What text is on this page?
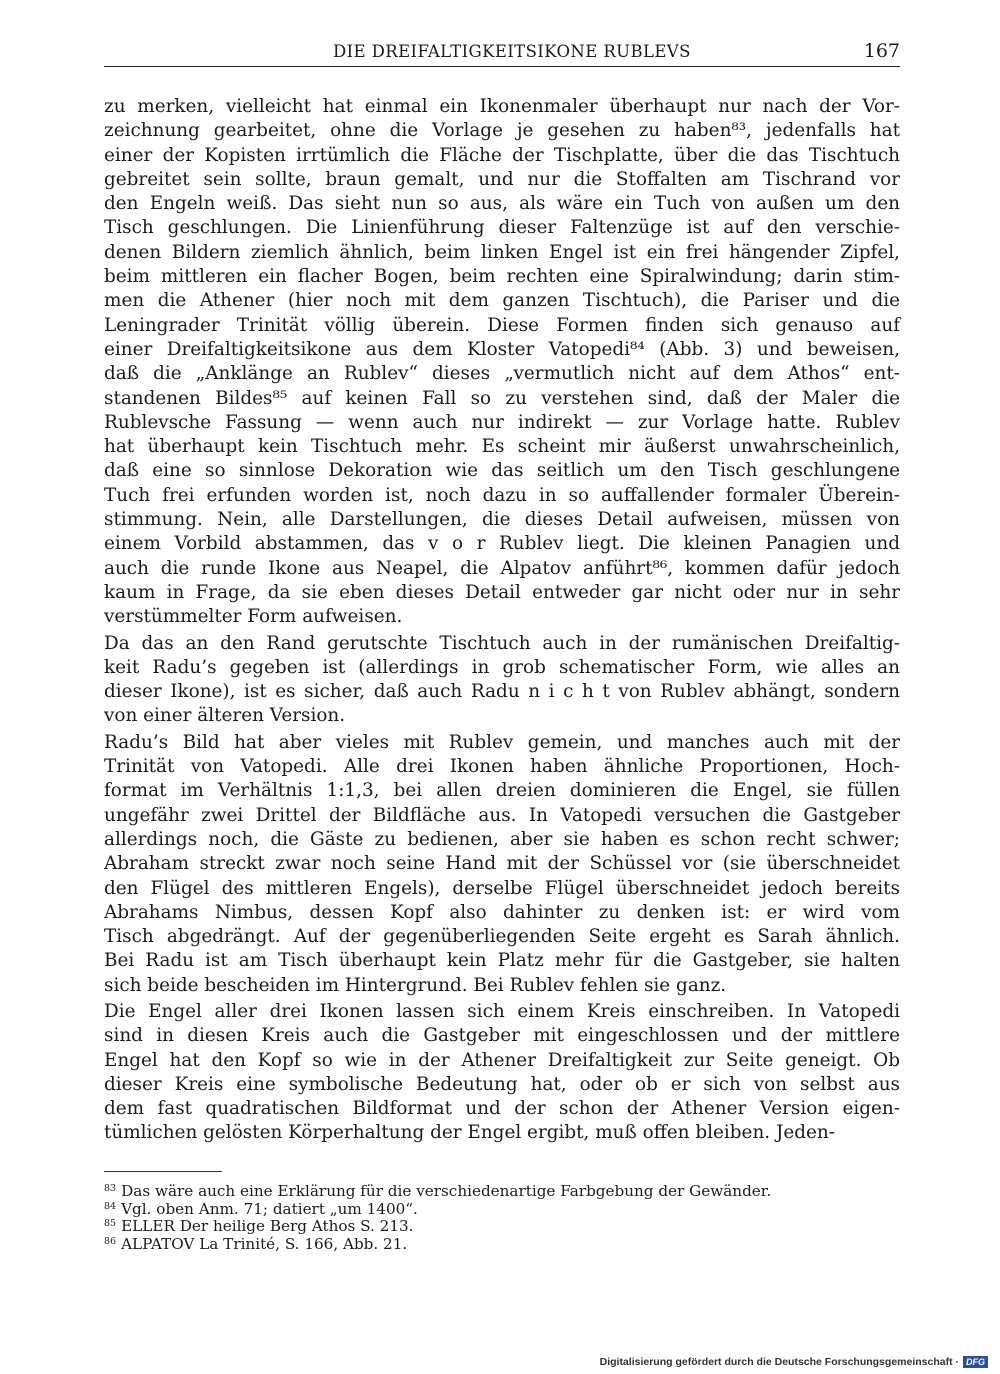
DIE DREIFALTIGKEITSIKONE RUBLEVS	167
zu merken, vielleicht hat einmal ein Ikonenmaler überhaupt nur nach der Vor-
zeichnung gearbeitet, ohne die Vorlage je gesehen zu haben⁸³, jedenfalls hat
einer der Kopisten irrtümlich die Fläche der Tischplatte, über die das Tischtuch
gebreitet sein sollte, braun gemalt, und nur die Stoffalten am Tischrand vor
den Engeln weiß. Das sieht nun so aus, als wäre ein Tuch von außen um den
Tisch geschlungen. Die Linienführung dieser Faltenzüge ist auf den verschie-
denen Bildern ziemlich ähnlich, beim linken Engel ist ein frei hängender Zipfel,
beim mittleren ein flacher Bogen, beim rechten eine Spiralwindung; darin stim-
men die Athener (hier noch mit dem ganzen Tischtuch), die Pariser und die
Leningrader Trinität völlig überein. Diese Formen finden sich genauso auf
einer Dreifaltigkeitsikone aus dem Kloster Vatopedi⁸⁴ (Abb. 3) und beweisen,
daß die „Anklänge an Rublev“ dieses „vermutlich nicht auf dem Athos“ ent-
standenen Bildes⁸⁵ auf keinen Fall so zu verstehen sind, daß der Maler die
Rublevsche Fassung — wenn auch nur indirekt — zur Vorlage hatte. Rublev
hat überhaupt kein Tischtuch mehr. Es scheint mir äußerst unwahrscheinlich,
daß eine so sinnlose Dekoration wie das seitlich um den Tisch geschlungene
Tuch frei erfunden worden ist, noch dazu in so auffallender formaler Überein-
stimmung. Nein, alle Darstellungen, die dieses Detail aufweisen, müssen von
einem Vorbild abstammen, das v o r Rublev liegt. Die kleinen Panagien und
auch die runde Ikone aus Neapel, die Alpatov anführt⁸⁶, kommen dafür jedoch
kaum in Frage, da sie eben dieses Detail entweder gar nicht oder nur in sehr
verstümmelter Form aufweisen.
Da das an den Rand gerutschte Tischtuch auch in der rumänischen Dreifaltig-
keit Radu’s gegeben ist (allerdings in grob schematischer Form, wie alles an
dieser Ikone), ist es sicher, daß auch Radu n i c h t von Rublev abhängt, sondern
von einer älteren Version.
Radu’s Bild hat aber vieles mit Rublev gemein, und manches auch mit der
Trinität von Vatopedi. Alle drei Ikonen haben ähnliche Proportionen, Hoch-
format im Verhältnis 1:1,3, bei allen dreien dominieren die Engel, sie füllen
ungefähr zwei Drittel der Bildfläche aus. In Vatopedi versuchen die Gastgeber
allerdings noch, die Gäste zu bedienen, aber sie haben es schon recht schwer;
Abraham streckt zwar noch seine Hand mit der Schüssel vor (sie überschneidet
den Flügel des mittleren Engels), derselbe Flügel überschneidet jedoch bereits
Abrahams Nimbus, dessen Kopf also dahinter zu denken ist: er wird vom
Tisch abgedrängt. Auf der gegenüberliegenden Seite ergeht es Sarah ähnlich.
Bei Radu ist am Tisch überhaupt kein Platz mehr für die Gastgeber, sie halten
sich beide bescheiden im Hintergrund. Bei Rublev fehlen sie ganz.
Die Engel aller drei Ikonen lassen sich einem Kreis einschreiben. In Vatopedi
sind in diesen Kreis auch die Gastgeber mit eingeschlossen und der mittlere
Engel hat den Kopf so wie in der Athener Dreifaltigkeit zur Seite geneigt. Ob
dieser Kreis eine symbolische Bedeutung hat, oder ob er sich von selbst aus
dem fast quadratischen Bildformat und der schon der Athener Version eigen-
tümlichen gelösten Körperhaltung der Engel ergibt, muß offen bleiben. Jeden-
$^{83}$ Das wäre auch eine Erklärung für die verschiedenartige Farbgebung der Gewänder.
$^{84}$ Vgl. oben Anm. 71; datiert „um 1400“.
$^{85}$ ELLER Der heilige Berg Athos S. 213.
$^{86}$ ALPATOV La Trinité, S. 166, Abb. 21.
Digitalisierung gefördert durch die Deutsche Forschungsgemeinschaft · DFG
